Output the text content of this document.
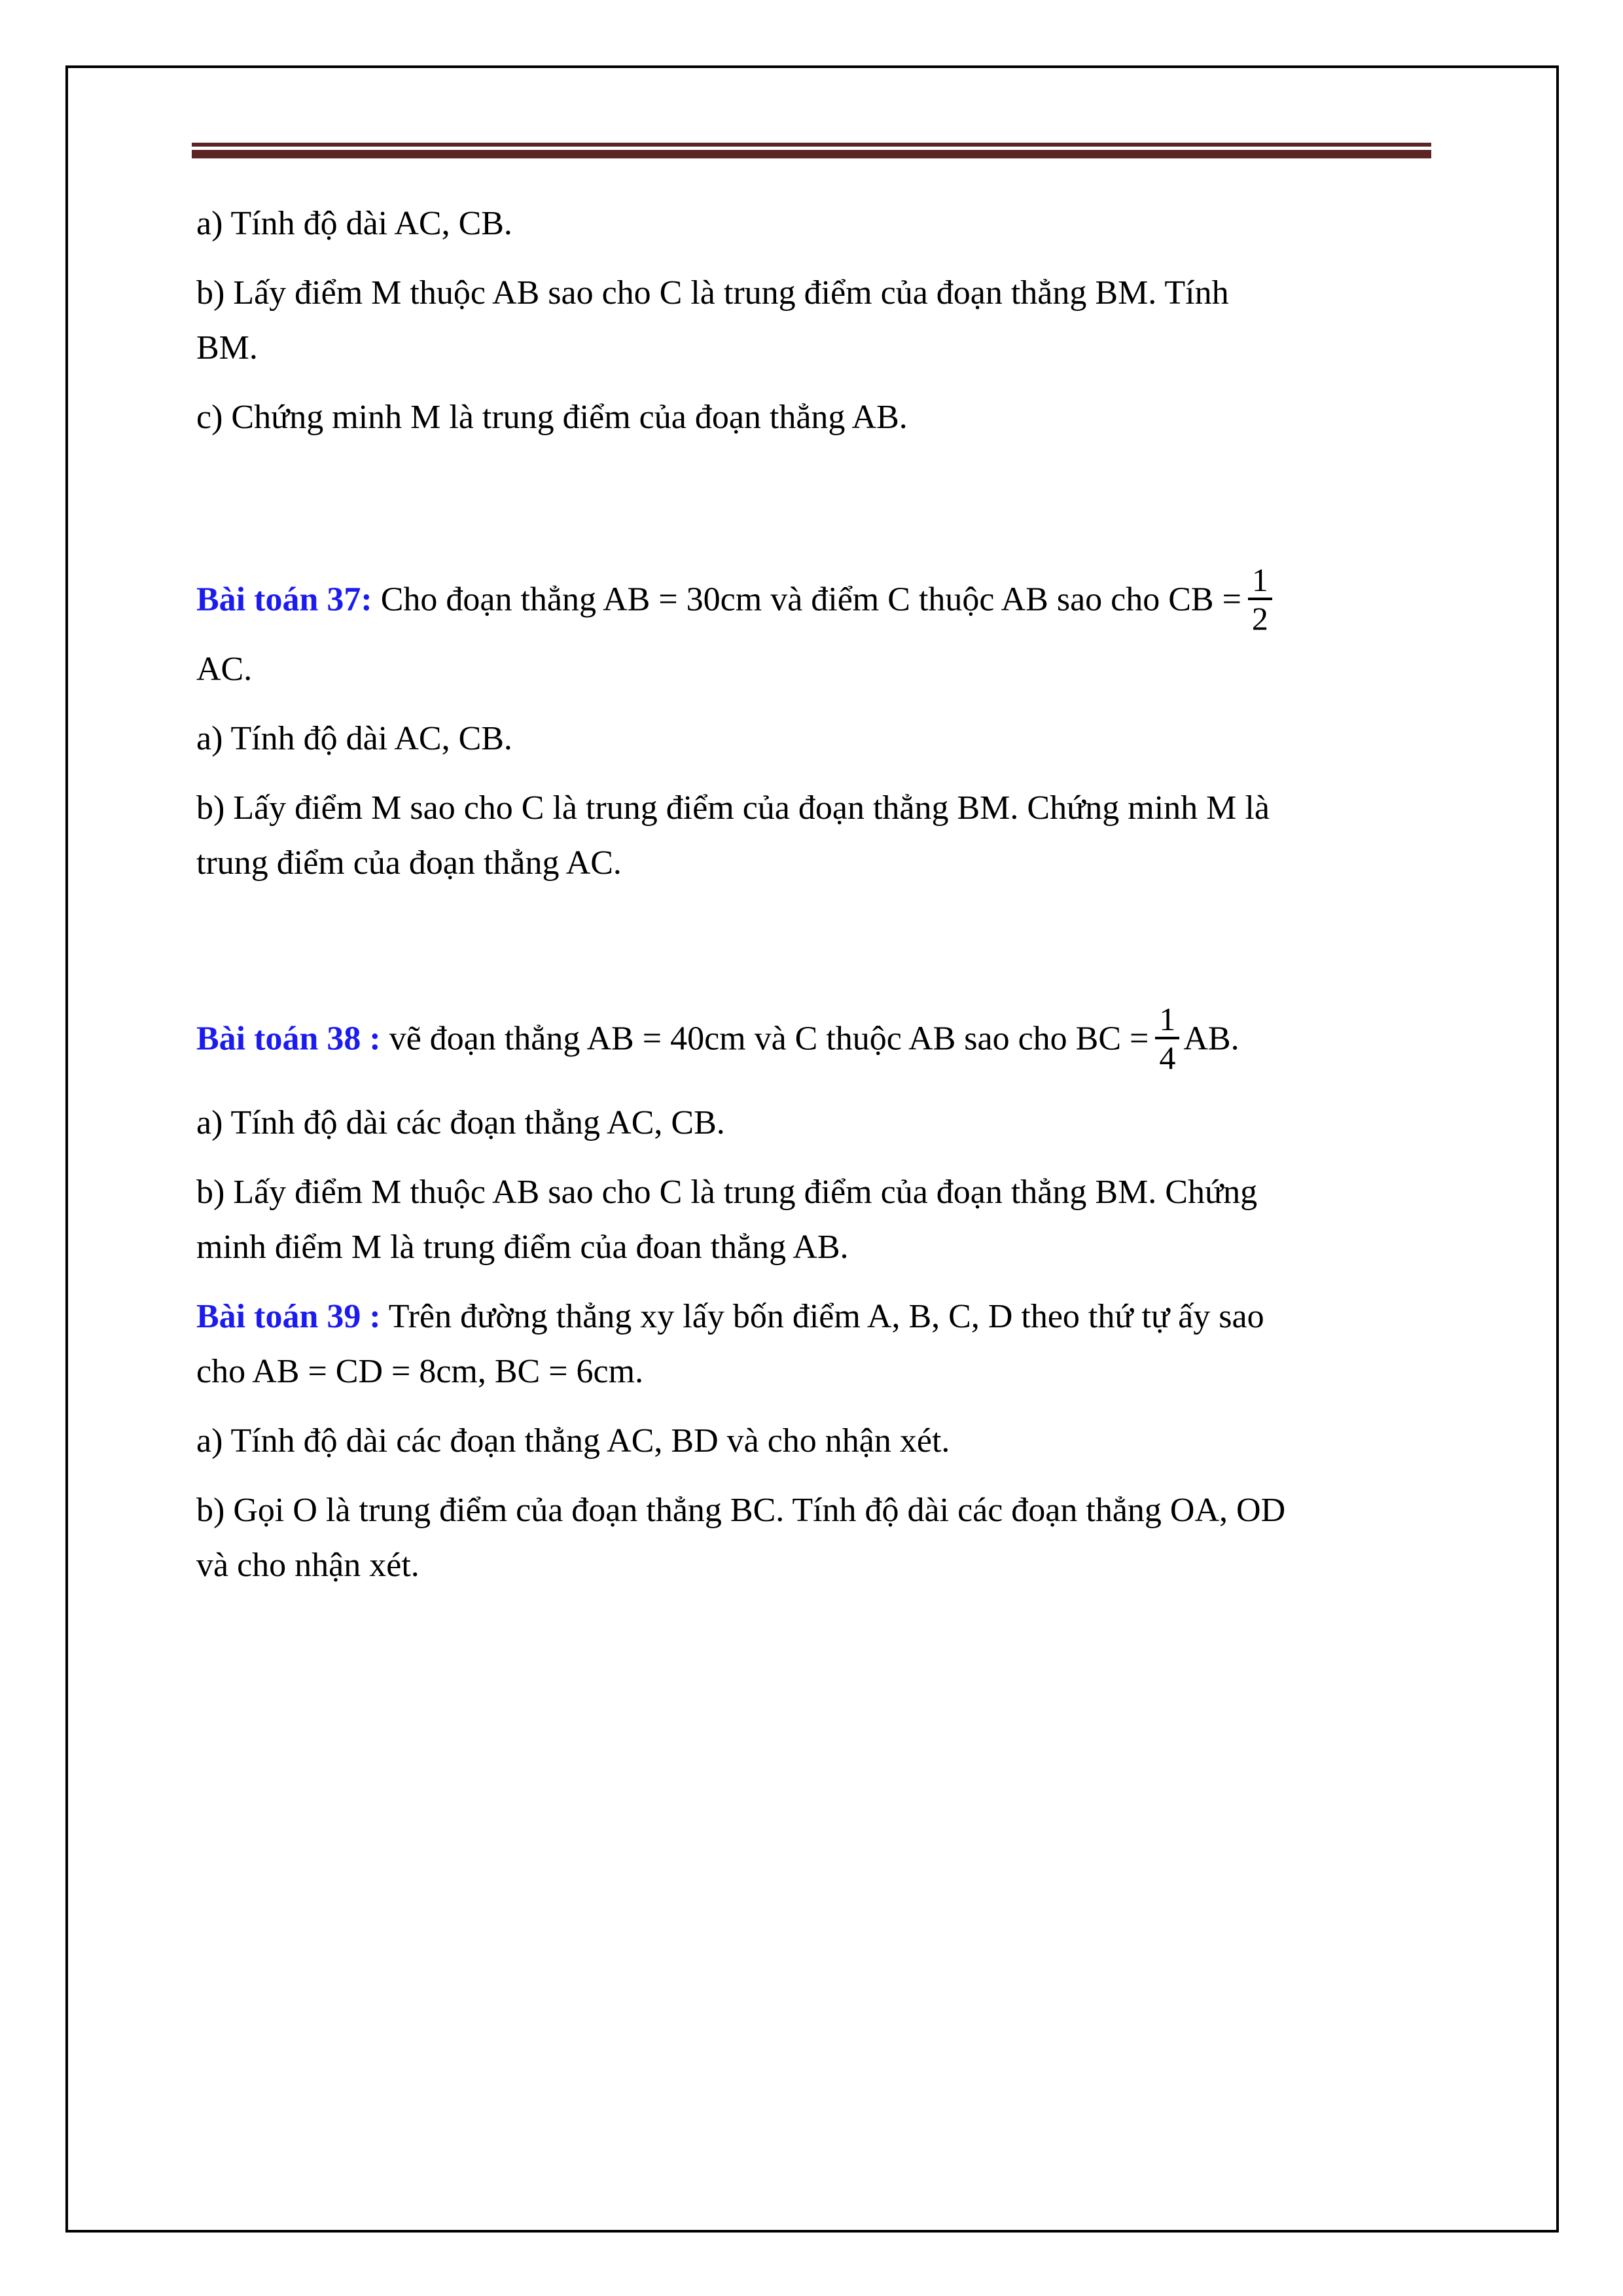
a) Tính độ dài AC, CB.

b) Lấy điểm M thuộc AB sao cho C là trung điểm của đoạn thẳng BM. Tính
BM.

c) Chứng minh M là trung điểm của đoạn thẳng AB.

Bài toán 37: Cho đoạn thẳng AB = 30cm và điểm C thuộc AB sao cho CB = $\frac{1}{2}$
AC.

a) Tính độ dài AC, CB.

b) Lấy điểm M sao cho C là trung điểm của đoạn thẳng BM. Chứng minh M là
trung điểm của đoạn thẳng AC.

Bài toán 38 : vẽ đoạn thẳng AB = 40cm và C thuộc AB sao cho BC = $\frac{1}{4}$ AB.

a) Tính độ dài các đoạn thẳng AC, CB.

b) Lấy điểm M thuộc AB sao cho C là trung điểm của đoạn thẳng BM. Chứng
minh điểm M là trung điểm của đoan thẳng AB.

Bài toán 39 : Trên đường thẳng xy lấy bốn điểm A, B, C, D theo thứ tự ấy sao
cho AB = CD = 8cm, BC = 6cm.

a) Tính độ dài các đoạn thẳng AC, BD và cho nhận xét.

b) Gọi O là trung điểm của đoạn thẳng BC. Tính độ dài các đoạn thẳng OA, OD
và cho nhận xét.
